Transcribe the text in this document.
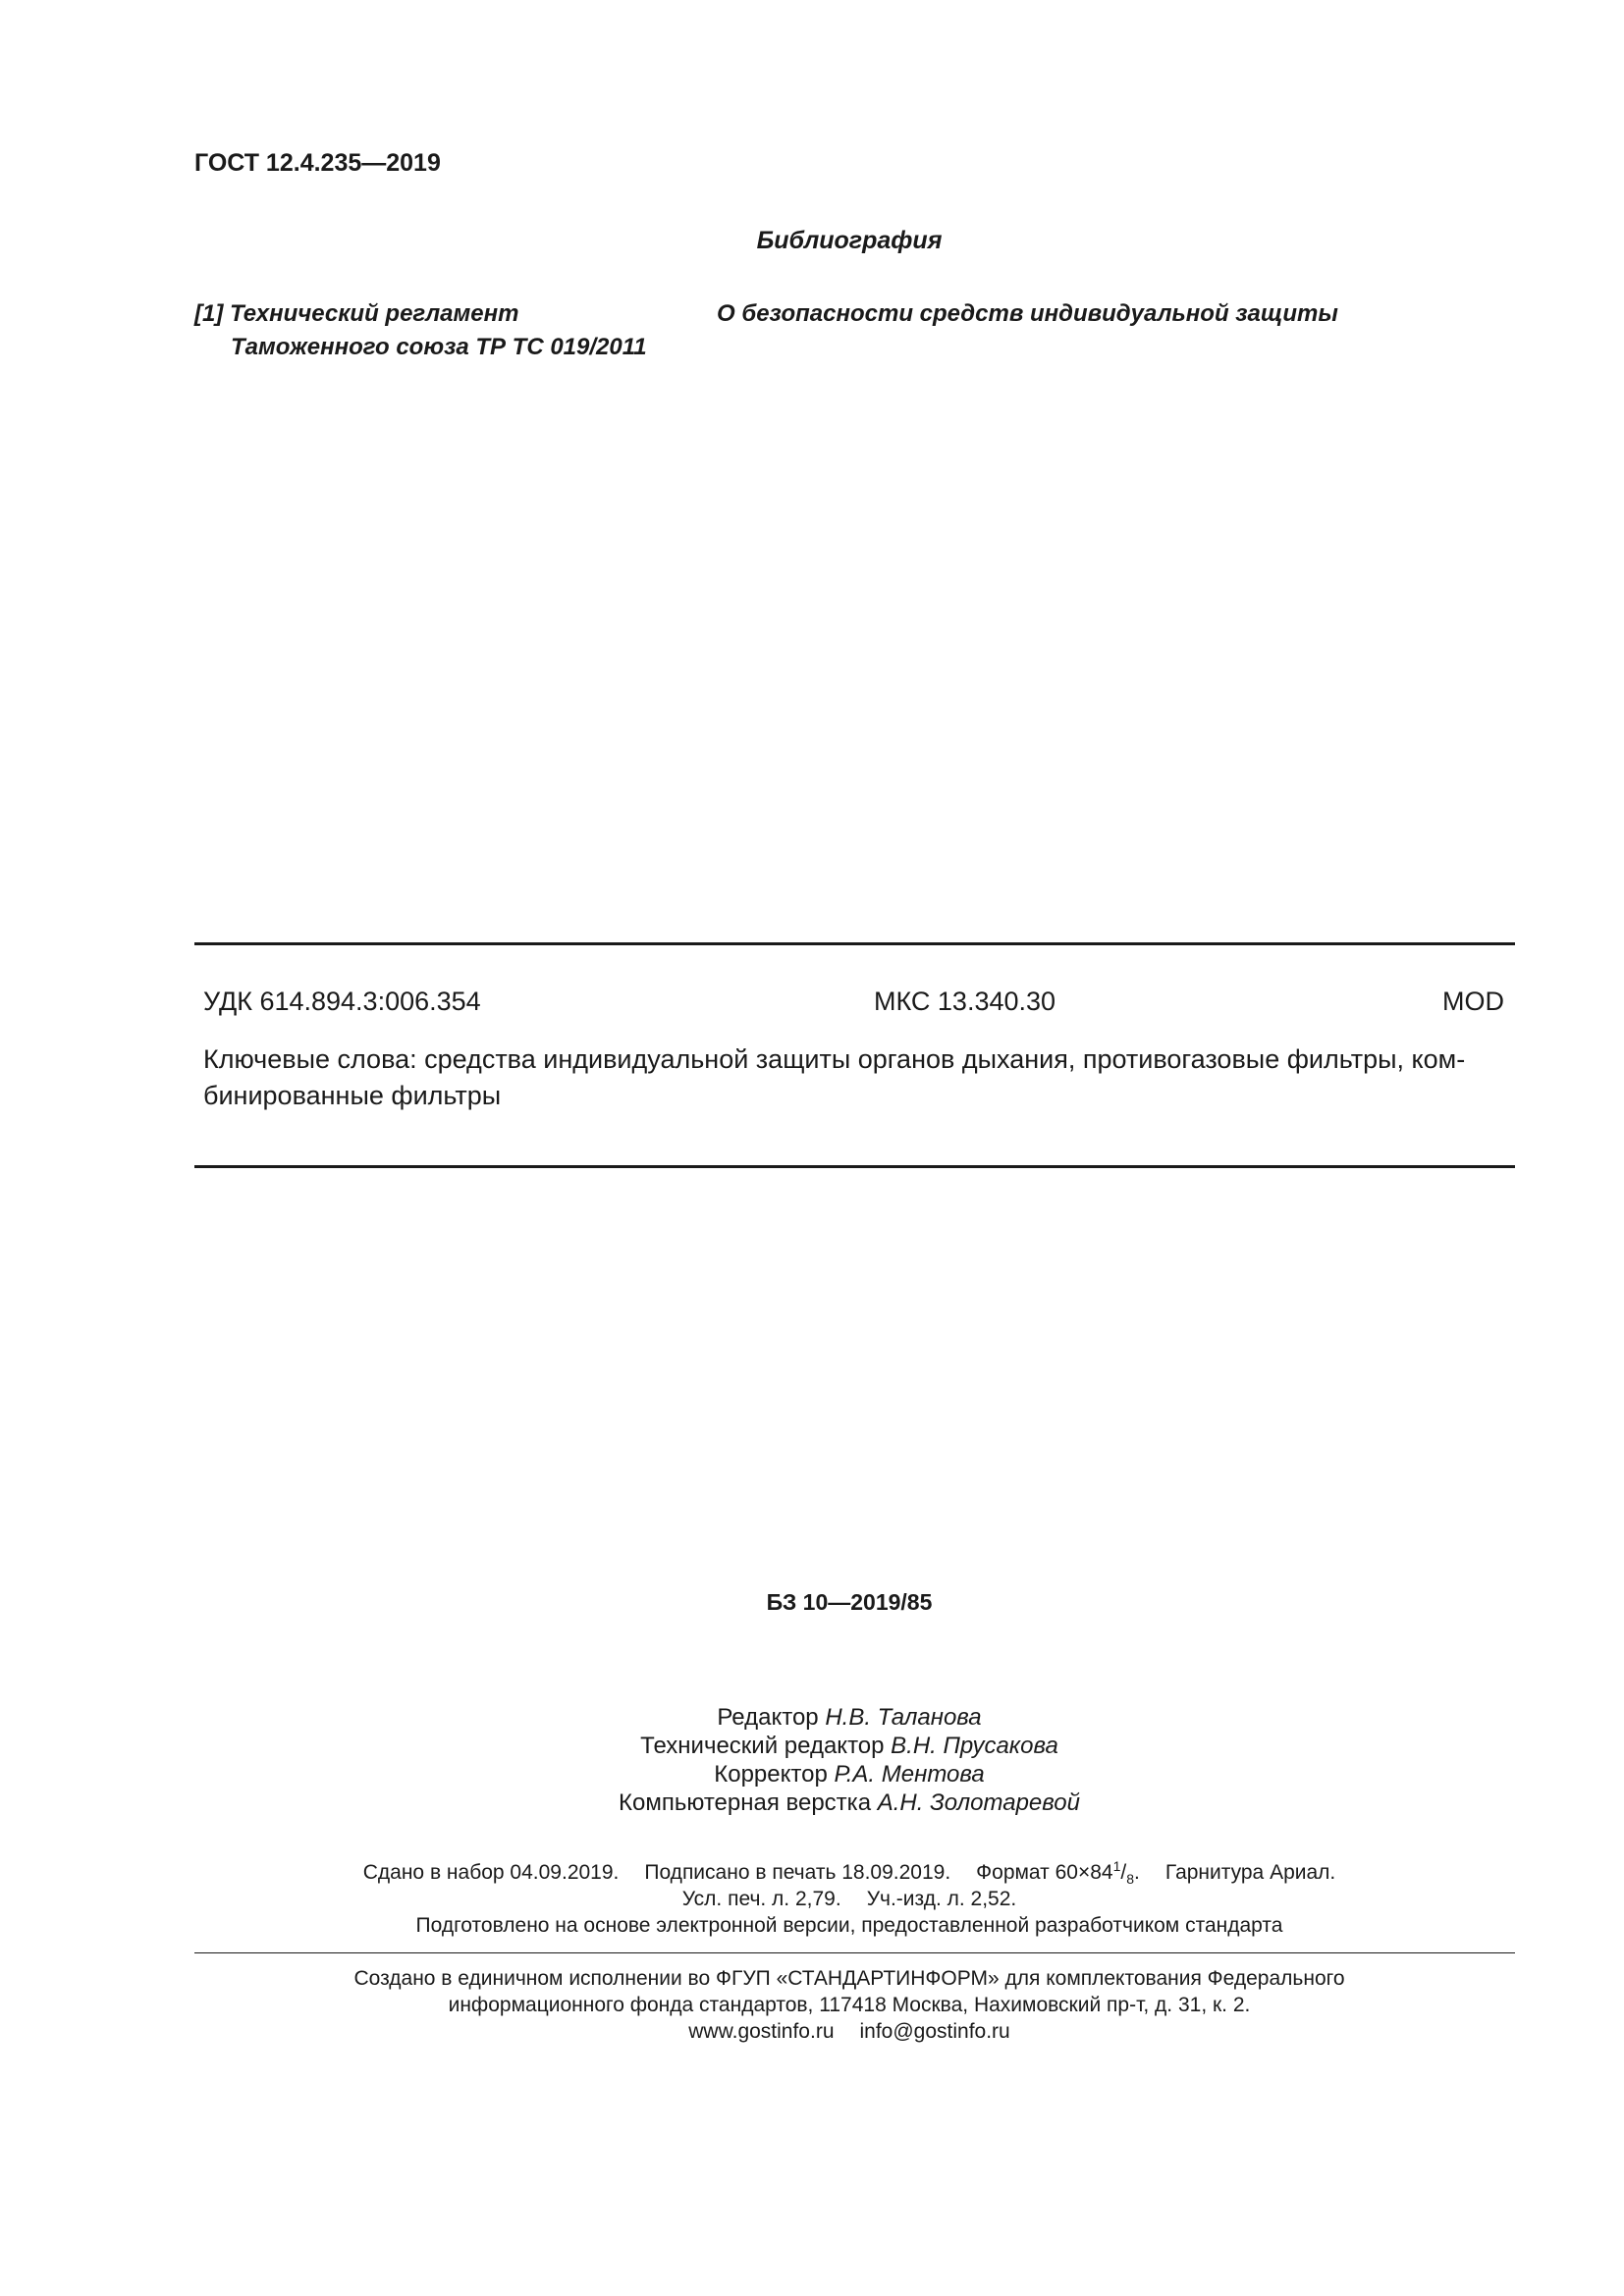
ГОСТ 12.4.235—2019
Библиография
[1] Технический регламент
Таможенного союза ТР ТС 019/2011
О безопасности средств индивидуальной защиты
УДК 614.894.3:006.354	МКС 13.340.30	MOD
Ключевые слова: средства индивидуальной защиты органов дыхания, противогазовые фильтры, ком-
бинированные фильтры
БЗ 10—2019/85
Редактор Н.В. Таланова
Технический редактор В.Н. Прусакова
Корректор Р.А. Ментова
Компьютерная верстка А.Н. Золотаревой
Сдано в набор 04.09.2019. Подписано в печать 18.09.2019. Формат $60\times 84^1/_8$. Гарнитура Ариал.
Усл. печ. л. 2,79. Уч.-изд. л. 2,52.
Подготовлено на основе электронной версии, предоставленной разработчиком стандарта
Создано в единичном исполнении во ФГУП «СТАНДАРТИНФОРМ» для комплектования Федерального
информационного фонда стандартов, 117418 Москва, Нахимовский пр-т, д. 31, к. 2.
www.gostinfo.ru info@gostinfo.ru
